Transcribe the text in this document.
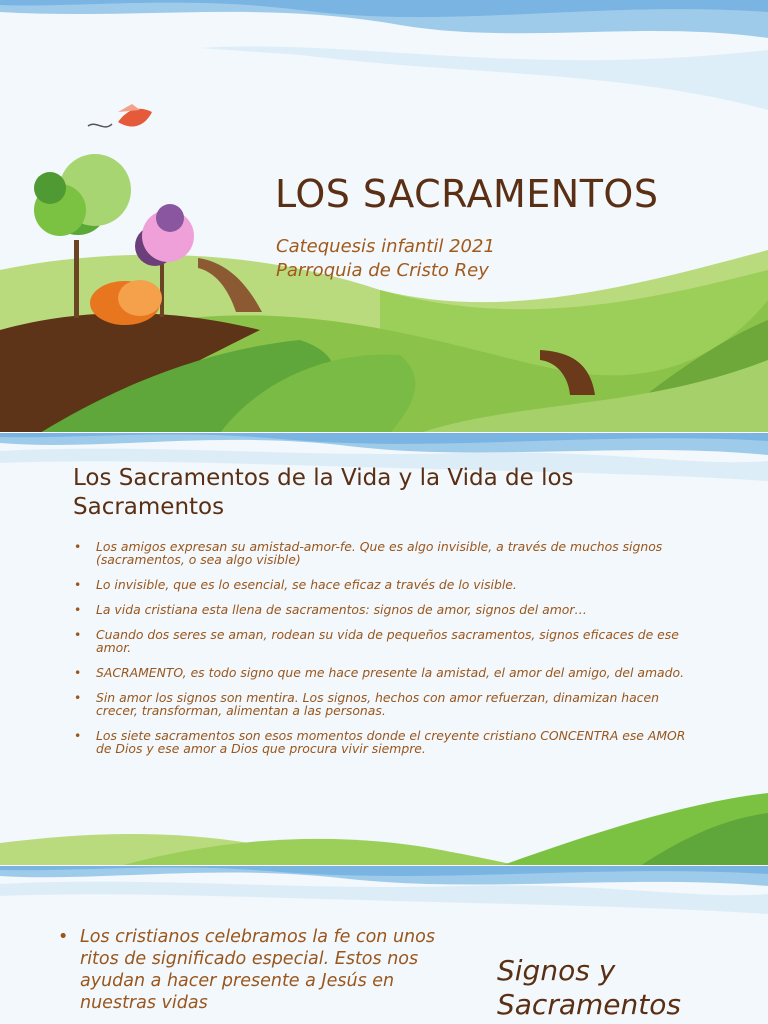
LOS SACRAMENTOS
Catequesis infantil 2021
Parroquia de Cristo Rey
Los Sacramentos de la Vida y la Vida de los Sacramentos
• Los amigos expresan su amistad-amor-fe. Que es algo invisible, a través de muchos signos (sacramentos, o sea algo visible)
• Lo invisible, que es lo esencial, se hace eficaz a través de lo visible.
• La vida cristiana esta llena de sacramentos: signos de amor, signos del amor…
• Cuando dos seres se aman, rodean su vida de pequeños sacramentos, signos eficaces de ese amor.
• SACRAMENTO, es todo signo que me hace presente la amistad, el amor del amigo, del amado.
• Sin amor los signos son mentira. Los signos, hechos con amor refuerzan, dinamizan hacen crecer, transforman, alimentan a las personas.
• Los siete sacramentos son esos momentos donde el creyente cristiano CONCENTRA ese AMOR de Dios y ese amor a Dios que procura vivir siempre.
• Los cristianos celebramos la fe con unos ritos de significado especial. Estos nos ayudan a hacer presente a Jesús en nuestras vidas
Signos y Sacramentos
